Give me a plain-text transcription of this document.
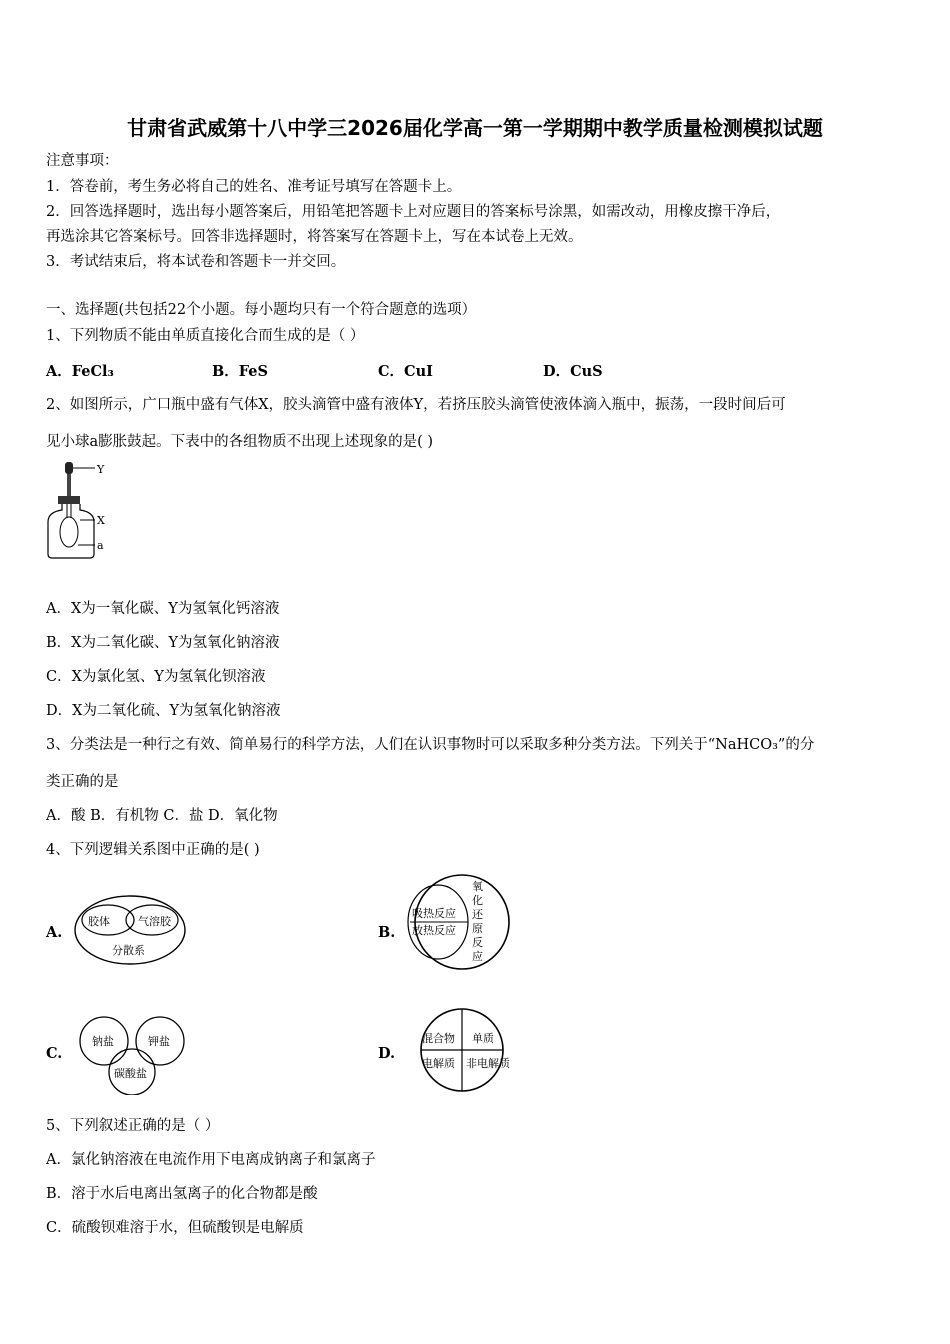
甘肃省武威第十八中学三2026届化学高一第一学期期中教学质量检测模拟试题
注意事项：
1．答卷前，考生务必将自己的姓名、准考证号填写在答题卡上。
2．回答选择题时，选出每小题答案后，用铅笔把答题卡上对应题目的答案标号涂黑，如需改动，用橡皮擦干净后，
再选涂其它答案标号。回答非选择题时，将答案写在答题卡上，写在本试卷上无效。
3．考试结束后，将本试卷和答题卡一并交回。
一、选择题(共包括22个小题。每小题均只有一个符合题意的选项）
1、下列物质不能由单质直接化合而生成的是（ ）
A．FeCl₃	B．FeS	C．CuI	D．CuS
2、如图所示，广口瓶中盛有气体X，胶头滴管中盛有液体Y，若挤压胶头滴管使液体滴入瓶中，振荡，一段时间后可
见小球a膨胀鼓起。下表中的各组物质不出现上述现象的是( )
Y
X
a
A．X为一氧化碳、Y为氢氧化钙溶液
B．X为二氧化碳、Y为氢氧化钠溶液
C．X为氯化氢、Y为氢氧化钡溶液
D．X为二氧化硫、Y为氢氧化钠溶液
3、分类法是一种行之有效、简单易行的科学方法，人们在认识事物时可以采取多种分类方法。下列关于“NaHCO₃”的分
类正确的是
A．酸 B．有机物 C．盐 D．氧化物
4、下列逻辑关系图中正确的是( )
A.
胶体	气溶胶
分散系
B.
吸热反应
放热反应
氧
化
还
原
反
应
C.
钠盐	钾盐
碳酸盐
D.
混合物 单质
电解质 非电解质
5、下列叙述正确的是（ ）
A．氯化钠溶液在电流作用下电离成钠离子和氯离子
B．溶于水后电离出氢离子的化合物都是酸
C．硫酸钡难溶于水，但硫酸钡是电解质
